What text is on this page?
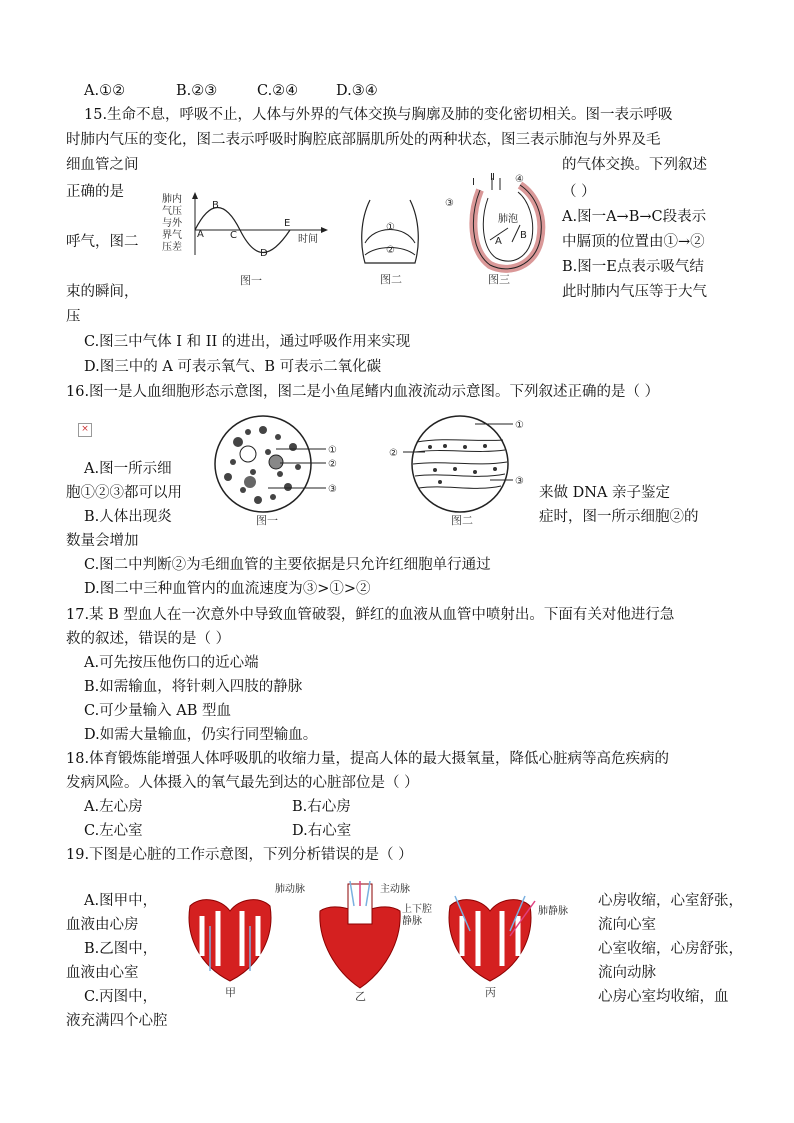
A.①②	B.②③	C.②④	D.③④
15.生命不息，呼吸不止，人体与外界的气体交换与胸廓及肺的变化密切相关。图一表示呼吸
时肺内气压的变化，图二表示呼吸时胸腔底部膈肌所处的两种状态，图三表示肺泡与外界及毛
细血管之间	的气体交换。下列叙述
正确的是	（ ）
A.图一A→B→C段表示
呼气，图二	中膈顶的位置由①→②
B.图一E点表示吸气结
束的瞬间，	此时肺内气压等于大气
压
C.图三中气体 I 和 II 的进出，通过呼吸作用来实现
D.图三中的 A 可表示氧气、B 可表示二氧化碳
肺内
气压
与外
界气
压差
A
B
C
D
E
时间
图一
①
②
图二
Ⅰ Ⅱ
③
④
A
B
肺泡
图三
16.图一是人血细胞形态示意图，图二是小鱼尾鳍内血液流动示意图。下列叙述正确的是（ ）
×
A.图一所示细
胞①②③都可以用	来做 DNA 亲子鉴定
B.人体出现炎	症时，图一所示细胞②的
数量会增加
C.图二中判断②为毛细血管的主要依据是只允许红细胞单行通过
D.图二中三种血管内的血流速度为③>①>②
①
②
③
图一
①
②
③
图二
17.某 B 型血人在一次意外中导致血管破裂，鲜红的血液从血管中喷射出。下面有关对他进行急
救的叙述，错误的是（ ）
A.可先按压他伤口的近心端
B.如需输血，将针刺入四肢的静脉
C.可少量输入 AB 型血
D.如需大量输血，仍实行同型输血。
18.体育锻炼能增强人体呼吸肌的收缩力量，提高人体的最大摄氧量，降低心脏病等高危疾病的
发病风险。人体摄入的氧气最先到达的心脏部位是（ ）
A.左心房	B.右心房
C.左心室	D.右心室
19.下图是心脏的工作示意图，下列分析错误的是（ ）
A.图甲中，	心房收缩，心室舒张，
血液由心房	流向心室
B.乙图中，	心室收缩，心房舒张，
血液由心室	流向动脉
C.丙图中，	心房心室均收缩，血
液充满四个心腔
甲	乙	丙
肺动脉	主动脉
上下腔
静脉
肺静脉
